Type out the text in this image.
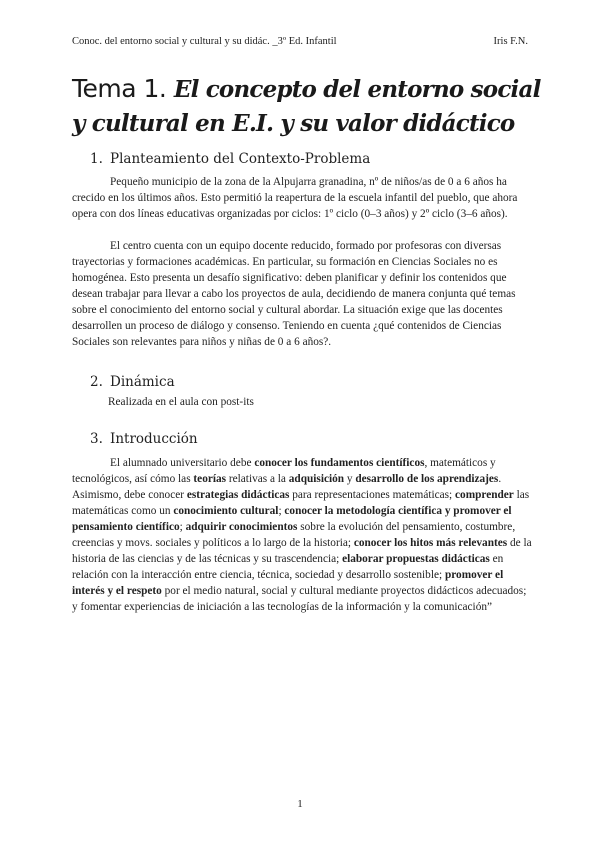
Conoc. del entorno social y cultural y su didác. _3º Ed. Infantil	Iris F.N.
Tema 1. El concepto del entorno social y cultural en E.I. y su valor didáctico
1. Planteamiento del Contexto-Problema
Pequeño municipio de la zona de la Alpujarra granadina, nº de niños/as de 0 a 6 años ha crecido en los últimos años. Esto permitió la reapertura de la escuela infantil del pueblo, que ahora opera con dos líneas educativas organizadas por ciclos: 1º ciclo (0–3 años) y 2º ciclo (3–6 años).
El centro cuenta con un equipo docente reducido, formado por profesoras con diversas trayectorias y formaciones académicas. En particular, su formación en Ciencias Sociales no es homogénea. Esto presenta un desafío significativo: deben planificar y definir los contenidos que desean trabajar para llevar a cabo los proyectos de aula, decidiendo de manera conjunta qué temas sobre el conocimiento del entorno social y cultural abordar. La situación exige que las docentes desarrollen un proceso de diálogo y consenso. Teniendo en cuenta ¿qué contenidos de Ciencias Sociales son relevantes para niños y niñas de 0 a 6 años?.
2. Dinámica
Realizada en el aula con post-its
3. Introducción
El alumnado universitario debe conocer los fundamentos científicos, matemáticos y tecnológicos, así cómo las teorías relativas a la adquisición y desarrollo de los aprendizajes. Asimismo, debe conocer estrategias didácticas para representaciones matemáticas; comprender las matemáticas como un conocimiento cultural; conocer la metodología científica y promover el pensamiento científico; adquirir conocimientos sobre la evolución del pensamiento, costumbre, creencias y movs. sociales y políticos a lo largo de la historia; conocer los hitos más relevantes de la historia de las ciencias y de las técnicas y su trascendencia; elaborar propuestas didácticas en relación con la interacción entre ciencia, técnica, sociedad y desarrollo sostenible; promover el interés y el respeto por el medio natural, social y cultural mediante proyectos didácticos adecuados; y fomentar experiencias de iniciación a las tecnologías de la información y la comunicación”
1
